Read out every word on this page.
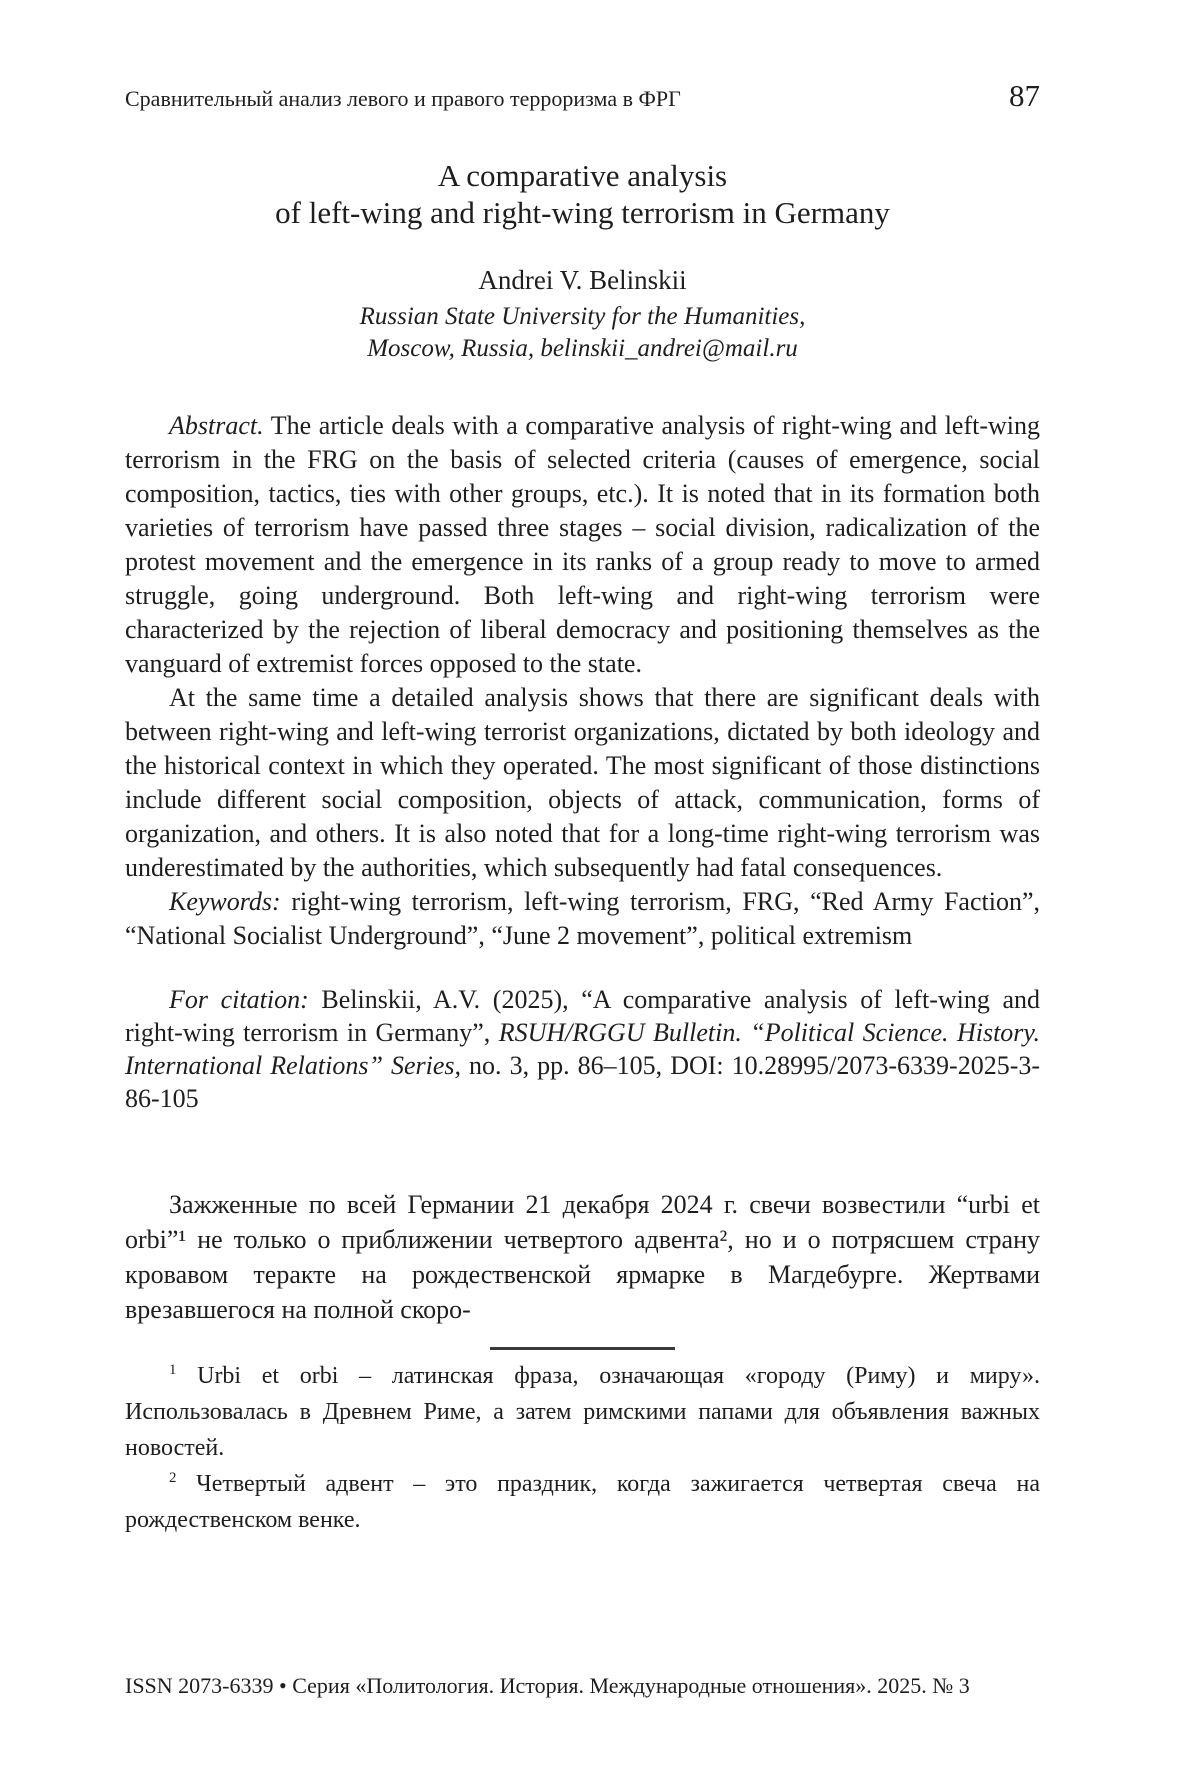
Сравнительный анализ левого и правого терроризма в ФРГ	87
A comparative analysis
of left-wing and right-wing terrorism in Germany
Andrei V. Belinskii
Russian State University for the Humanities,
Moscow, Russia, belinskii_andrei@mail.ru

Abstract. The article deals with a comparative analysis of right-wing and left-wing terrorism in the FRG on the basis of selected criteria (causes of emergence, social composition, tactics, ties with other groups, etc.). It is noted that in its formation both varieties of terrorism have passed three stages – social division, radicalization of the protest movement and the emergence in its ranks of a group ready to move to armed struggle, going underground. Both left-wing and right-wing terrorism were characterized by the rejection of liberal democracy and positioning themselves as the vanguard of extremist forces opposed to the state.

At the same time a detailed analysis shows that there are significant deals with between right-wing and left-wing terrorist organizations, dictated by both ideology and the historical context in which they operated. The most significant of those distinctions include different social composition, objects of attack, communication, forms of organization, and others. It is also noted that for a long-time right-wing terrorism was underestimated by the authorities, which subsequently had fatal consequences.

Keywords: right-wing terrorism, left-wing terrorism, FRG, “Red Army Faction”, “National Socialist Underground”, “June 2 movement”, political extremism

For citation: Belinskii, A.V. (2025), “A comparative analysis of left-wing and right-wing terrorism in Germany”, RSUH/RGGU Bulletin. “Political Science. History. International Relations” Series, no. 3, pp. 86–105, DOI: 10.28995/2073-6339-2025-3-86-105

Зажженные по всей Германии 21 декабря 2024 г. свечи возвестили “urbi et orbi”¹ не только о приближении четвертого адвента², но и о потрясшем страну кровавом теракте на рождественской ярмарке в Магдебурге. Жертвами врезавшегося на полной скоро-

$^1$ Urbi et orbi – латинская фраза, означающая «городу (Риму) и миру». Использовалась в Древнем Риме, а затем римскими папами для объявления важных новостей.

$^2$ Четвертый адвент – это праздник, когда зажигается четвертая свеча на рождественском венке.

ISSN 2073-6339 • Серия «Политология. История. Международные отношения». 2025. № 3
